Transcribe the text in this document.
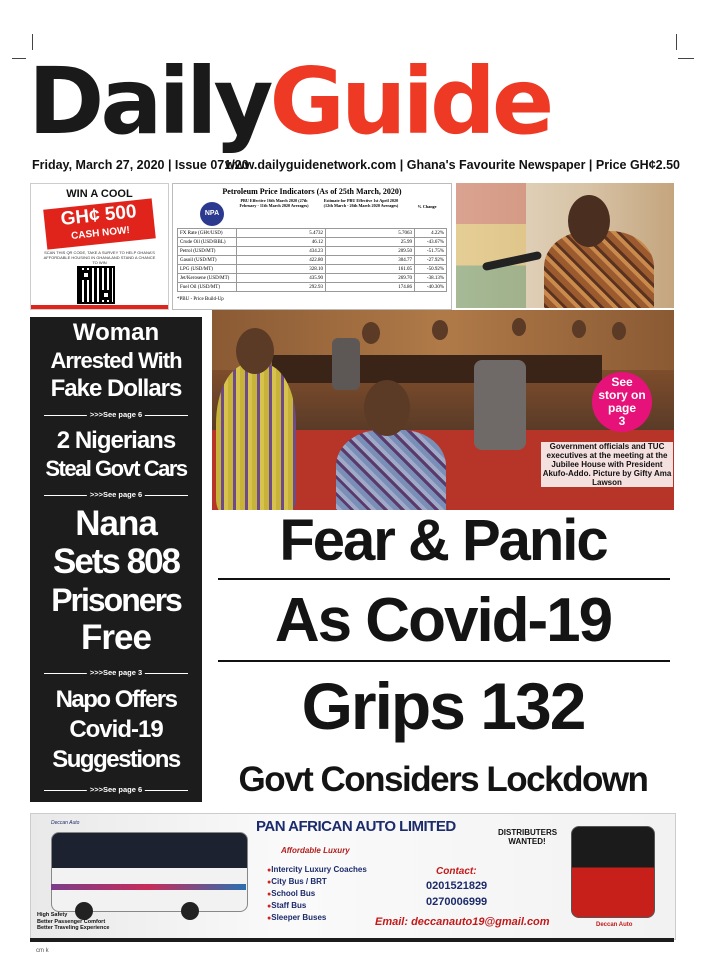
DailyGuide
Friday, March 27, 2020 | Issue 071/20
www.dailyguidenetwork.com | Ghana's Favourite Newspaper | Price GH¢2.50
WIN A COOL
GH¢ 500
CASH NOW!
SCAN THIS QR CODE, TAKE A SURVEY TO HELP GHANA'S AFFORDABLE HOUSING IN GHANA AND STAND A CHANCE TO WIN
Petroleum Price Indicators (As of 25th March, 2020)
NPA
PBU Effective 16th March 2020 (27th February - 11th March 2020 Averages)
Estimate for PBU Effective 1st April 2020 (12th March - 26th March 2020 Averages)	% Change
FX Rate (GH¢/USD)	5.4732	5.7063	4.22%
Crude Oil (USD/BBL)	46.12	25.99	-43.67%
Petrol (USD/MT)	434.23	209.50	-51.75%
Gasoil (USD/MT)	422.80	304.77	-27.92%
LPG (USD/MT)	328.10	161.05	-50.92%
Jet/Kerosene (USD/MT)	435.90	269.70	-38.13%
Fuel Oil (USD/MT)	292.93	174.86	-40.30%
*PBU - Price Build-Up
See
story on
page
3
Government officials and TUC executives at the meeting at the Jubilee House with President Akufo-Addo. Picture by Gifty Ama Lawson
Woman
Arrested With
Fake Dollars
>>>See page 6
2 Nigerians
Steal Govt Cars
>>>See page 6
Nana
Sets 808
Prisoners
Free
>>>See page 3
Napo Offers
Covid-19
Suggestions
>>>See page 6
Fear & Panic
As Covid-19
Grips 132
Govt Considers Lockdown
Deccan Auto	PAN AFRICAN AUTO LIMITED
Affordable Luxury
● Intercity Luxury Coaches
● City Bus / BRT
● School Bus
● Staff Bus
● Sleeper Buses
DISTRIBUTERS WANTED!
Contact:
0201521829
0270006999
Email: deccanauto19@gmail.com
High Safety
Better Passenger Comfort
Better Traveling Experience	Deccan Auto
cm k
